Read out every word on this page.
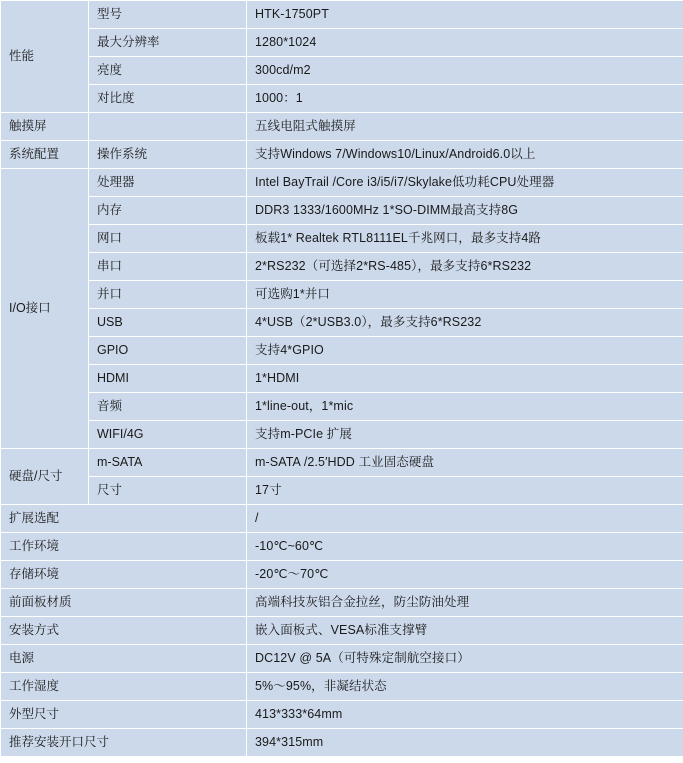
性能	型号	HTK-1750PT
	最大分辨率	1280*1024
	亮度	300cd/m2
	对比度	1000：1
触摸屏		五线电阻式触摸屏
系统配置	操作系统	支持Windows 7/Windows10/Linux/Android6.0以上
I/O接口	处理器	Intel BayTrail /Core i3/i5/i7/Skylake低功耗CPU处理器
	内存	DDR3 1333/1600MHz 1*SO-DIMM最高支持8G
	网口	板载1* Realtek RTL8111EL千兆网口，最多支持4路
	串口	2*RS232（可选择2*RS-485），最多支持6*RS232
	并口	可选购1*并口
	USB	4*USB（2*USB3.0），最多支持6*RS232
	GPIO	支持4*GPIO
	HDMI	1*HDMI
	音频	1*line-out，1*mic
	WIFI/4G	支持m-PCIe 扩展
硬盘/尺寸	m-SATA	m-SATA /2.5′HDD 工业固态硬盘
	尺寸	17寸
扩展选配		/
工作环境		-10℃~60℃
存储环境		-20℃～70℃
前面板材质		高端科技灰铝合金拉丝，防尘防油处理
安装方式		嵌入面板式、VESA标准支撑臂
电源		DC12V @ 5A（可特殊定制航空接口）
工作湿度		5%～95%，非凝结状态
外型尺寸		413*333*64mm
推荐安装开口尺寸		394*315mm
